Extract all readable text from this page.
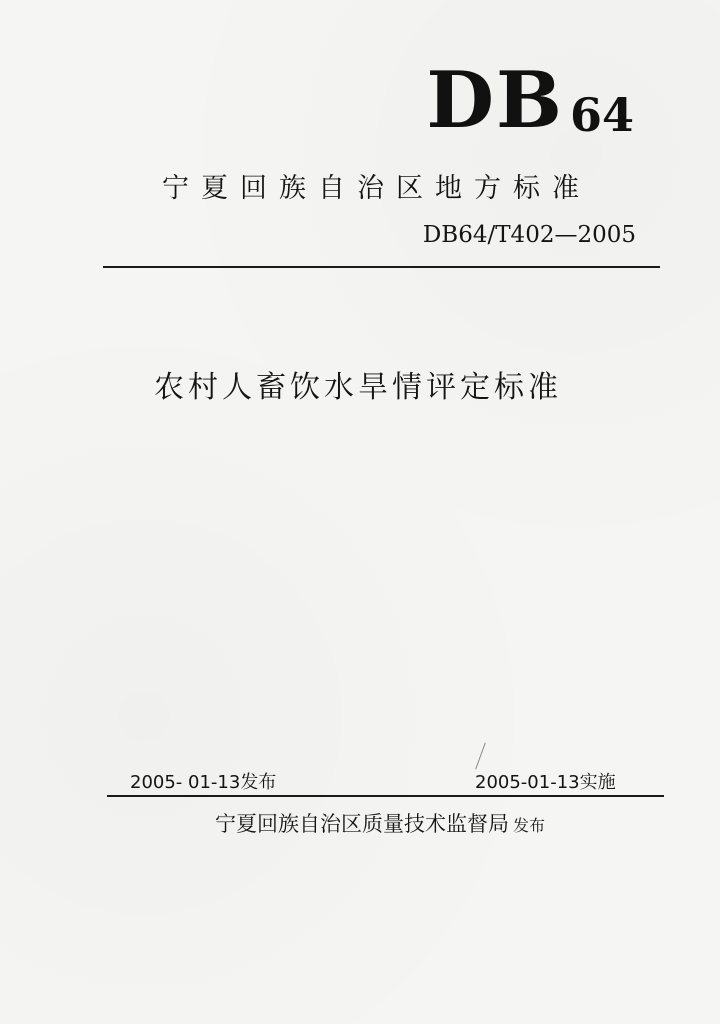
DB 64
宁夏回族自治区地方标准
DB64/T402—2005
农村人畜饮水旱情评定标准
2005- 01-13发布	2005-01-13实施
宁夏回族自治区质量技术监督局 发布
